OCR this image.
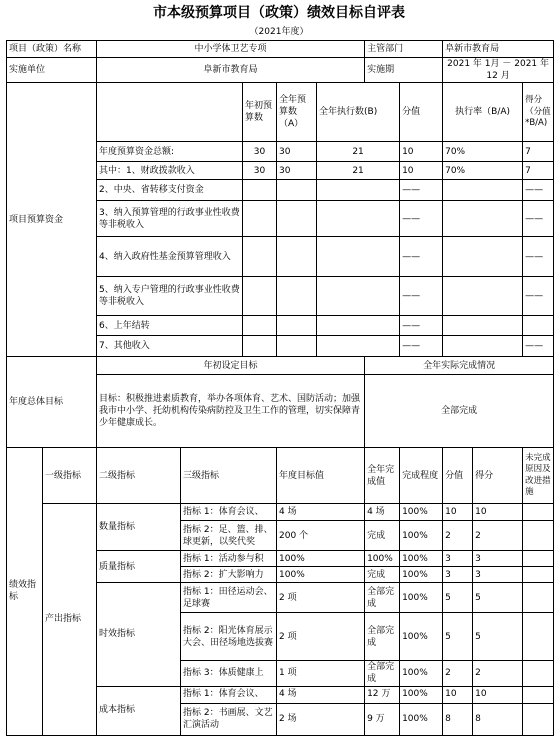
市本级预算项目（政策）绩效目标自评表
（2021年度）
项目（政策）名称		中小学体卫艺专项					主管部门		阜新市教育局		
实施单位		阜新市教育局					实施期		2021 年 1月 － 2021 年 12 月		
项目预算资金				年初预算数	全年预算数（A）	全年执行数(B)		分值	执行率（B/A)		得分（分值*B/A)
		年度预算资金总额:		30	30	21		10	70%		7
		其中：1、财政拨款收入		30	30	21		10	70%		7
		2、中央、省转移支付资金						——			——
		3、纳入预算管理的行政事业性收费等非税收入						——			——
		4、纳入政府性基金预算管理收入						——			——
		5、纳入专户管理的行政事业性收费等非税收入						——			——
		6、上年结转						——			
		7、其他收入						——			——
年度总体目标		年初设定目标					全年实际完成情况				
		目标：积极推进素质教育，举办各项体育、艺术、国防活动；加强我市中小学、托幼机构传染病防控及卫生工作的管理，切实保障青少年健康成长。					全部完成				
绩效指标	一级指标	二级指标	三级指标		年度目标值		全年完成值	完成程度	分值	得分	未完成原因及改进措施
	产出指标	数量指标	指标 1：体育会议、		4 场		4 场	100%	10	10	
			指标 2：足、篮、排、球更新，以奖代奖		200 个		完成	100%	2	2	
		质量指标	指标 1：活动参与积		100%		100%	100%	3	3	
			指标 2：扩大影响力		100%		完成	100%	3	3	
		时效指标	指标 1：田径运动会、足球赛		2 项		全部完成	100%	5	5	
			指标 2：阳光体育展示大会、田径场地选拔赛		2 项		全部完成	100%	5	5	
			指标 3：体质健康上		1 项		全部完成	100%	2	2	
		成本指标	指标 1：体育会议、		4 场		12 万	100%	10	10	
			指标 2：书画展、文艺汇演活动		2 场		9 万	100%	8	8	
